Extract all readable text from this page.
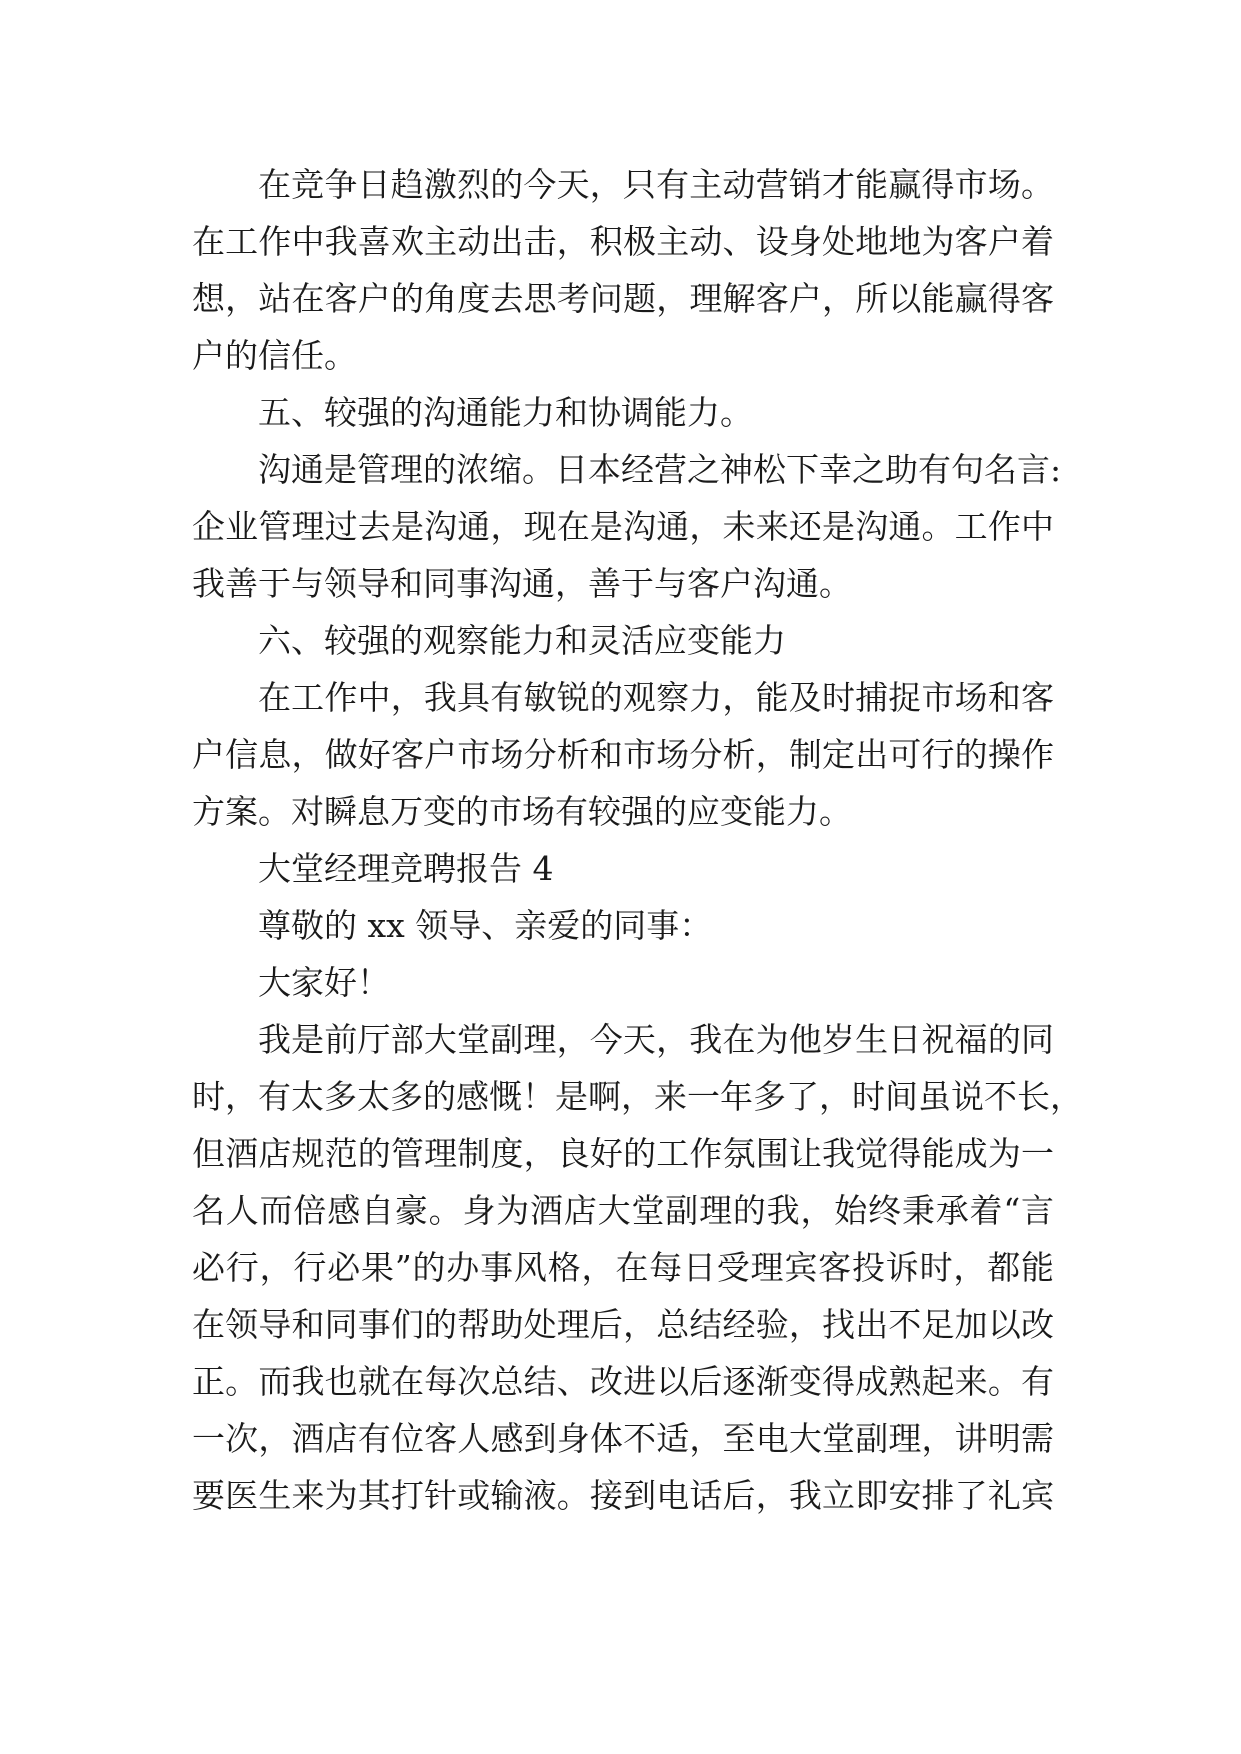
在竞争日趋激烈的今天，只有主动营销才能赢得市场。
在工作中我喜欢主动出击，积极主动、设身处地地为客户着
想，站在客户的角度去思考问题，理解客户，所以能赢得客
户的信任。
五、较强的沟通能力和协调能力。
沟通是管理的浓缩。日本经营之神松下幸之助有句名言:
企业管理过去是沟通，现在是沟通，未来还是沟通。工作中
我善于与领导和同事沟通，善于与客户沟通。
六、较强的观察能力和灵活应变能力
在工作中，我具有敏锐的观察力，能及时捕捉市场和客
户信息，做好客户市场分析和市场分析，制定出可行的操作
方案。对瞬息万变的市场有较强的应变能力。
大堂经理竞聘报告 4
尊敬的 xx 领导、亲爱的同事：
大家好！
我是前厅部大堂副理，今天，我在为他岁生日祝福的同
时，有太多太多的感慨！是啊，来一年多了，时间虽说不长，
但酒店规范的管理制度，良好的工作氛围让我觉得能成为一
名人而倍感自豪。身为酒店大堂副理的我，始终秉承着“言
必行，行必果”的办事风格，在每日受理宾客投诉时，都能
在领导和同事们的帮助处理后，总结经验，找出不足加以改
正。而我也就在每次总结、改进以后逐渐变得成熟起来。有
一次，酒店有位客人感到身体不适，至电大堂副理，讲明需
要医生来为其打针或输液。接到电话后，我立即安排了礼宾
